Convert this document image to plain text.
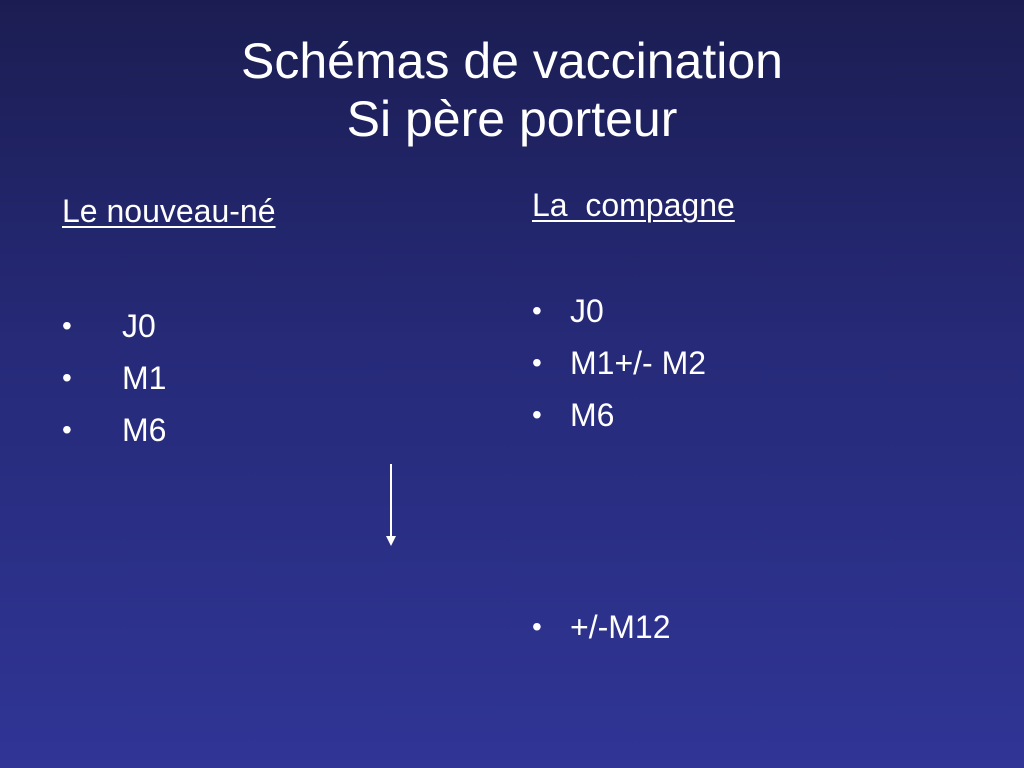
Schémas de vaccination
Si père porteur
Le nouveau-né
• J0
• M1
• M6
La  compagne
• J0
• M1+/- M2
• M6
• +/-M12
